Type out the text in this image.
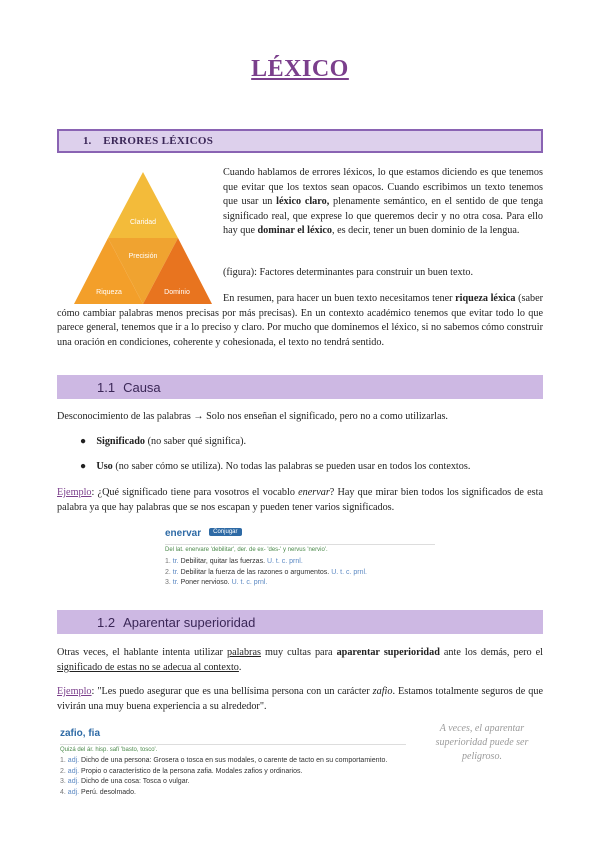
LÉXICO
1. ERRORES LÉXICOS
Claridad
Precisión
Riqueza	Dominio
Cuando hablamos de errores léxicos, lo que estamos diciendo es que tenemos que evitar que los textos sean opacos. Cuando escribimos un texto tenemos que usar un léxico claro, plenamente semántico, en el sentido de que tenga significado real, que exprese lo que queremos decir y no otra cosa. Para ello hay que dominar el léxico, es decir, tener un buen dominio de la lengua.
(figura): Factores determinantes para construir un buen texto.
En resumen, para hacer un buen texto necesitamos tener riqueza léxica (saber cómo cambiar palabras menos precisas por más precisas). En un contexto académico tenemos que evitar todo lo que parece general, tenemos que ir a lo preciso y claro. Por mucho que dominemos el léxico, si no sabemos cómo construir una oración en condiciones, coherente y cohesionada, el texto no tendrá sentido.
1.1 Causa
Desconocimiento de las palabras → Solo nos enseñan el significado, pero no a como utilizarlas.
● Significado (no saber qué significa).
● Uso (no saber cómo se utiliza). No todas las palabras se pueden usar en todos los contextos.
Ejemplo: ¿Qué significado tiene para vosotros el vocablo enervar? Hay que mirar bien todos los significados de esta palabra ya que hay palabras que se nos escapan y pueden tener varios significados.
enervar Conjugar
Del lat. enervare 'debilitar', der. de ex- 'des-' y nervus 'nervio'.
1. tr. Debilitar, quitar las fuerzas. U. t. c. prnl.
2. tr. Debilitar la fuerza de las razones o argumentos. U. t. c. prnl.
3. tr. Poner nervioso. U. t. c. prnl.
1.2 Aparentar superioridad
Otras veces, el hablante intenta utilizar palabras muy cultas para aparentar superioridad ante los demás, pero el significado de estas no se adecua al contexto.
Ejemplo: "Les puedo asegurar que es una bellísima persona con un carácter zafio. Estamos totalmente seguros de que vivirán una muy buena experiencia a su alrededor".
zafio, fia
Quizá del ár. hisp. safí 'basto, tosco'.
1. adj. Dicho de una persona: Grosera o tosca en sus modales, o carente de tacto en su comportamiento.
2. adj. Propio o característico de la persona zafia. Modales zafios y ordinarios.
3. adj. Dicho de una cosa: Tosca o vulgar.
4. adj. Perú. desolmado.
A veces, el aparentar superioridad puede ser peligroso.
